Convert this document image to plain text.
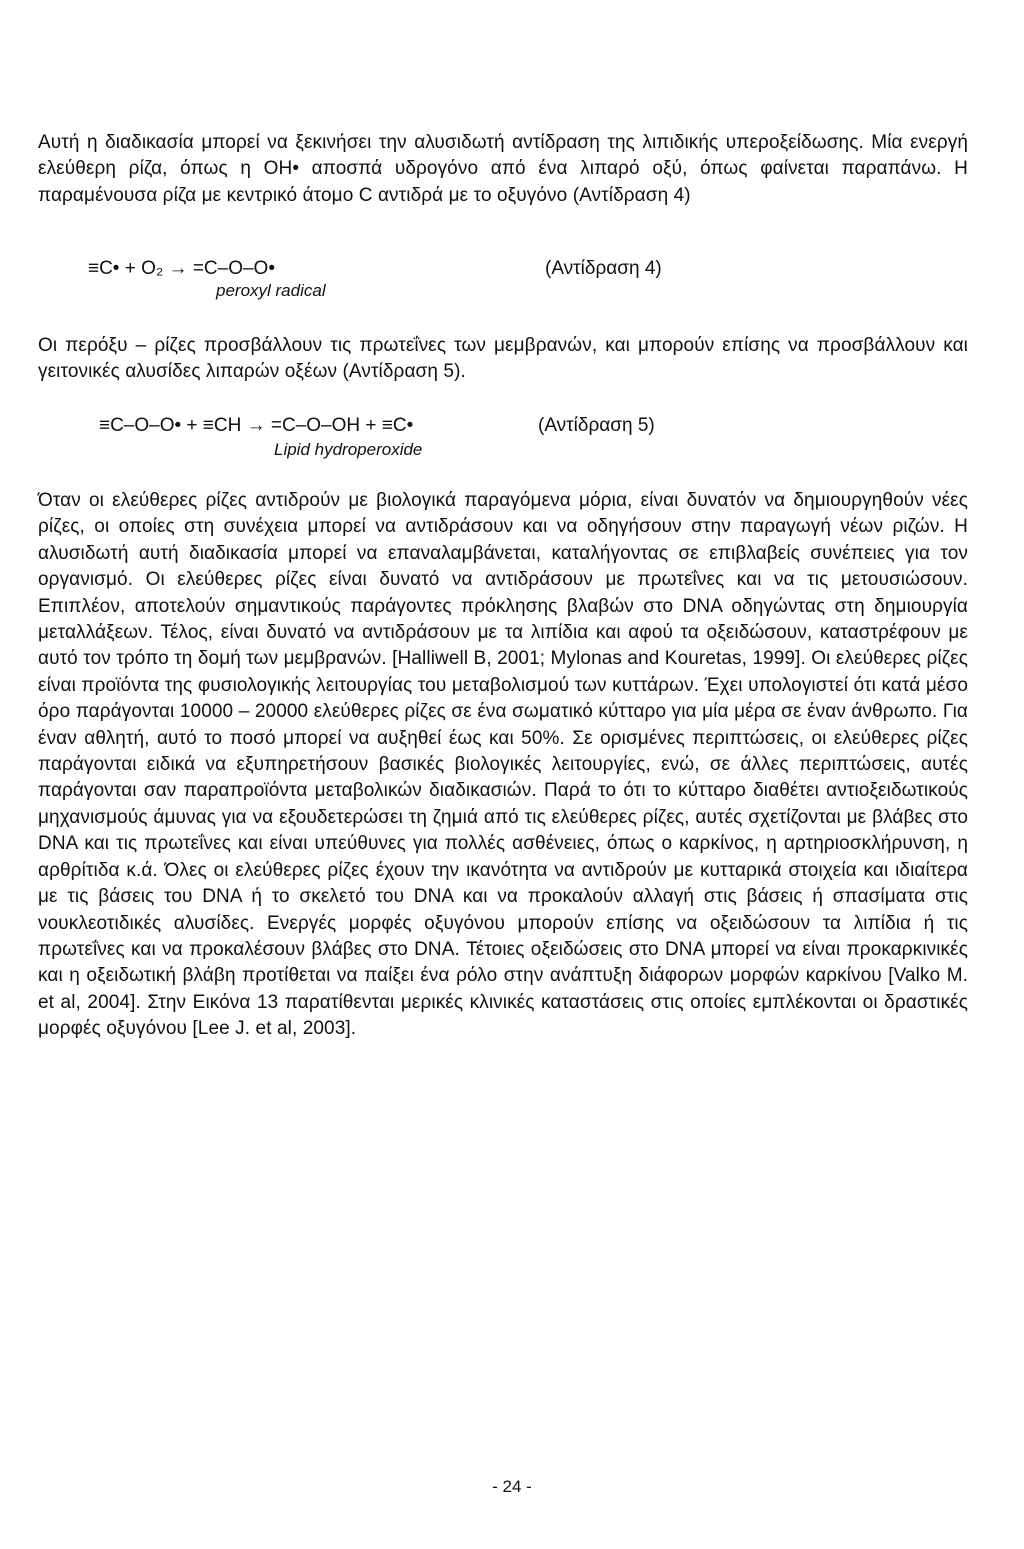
Αυτή η διαδικασία μπορεί να ξεκινήσει την αλυσιδωτή αντίδραση της λιπιδικής υπεροξείδωσης. Μία ενεργή ελεύθερη ρίζα, όπως η OH• αποσπά υδρογόνο από ένα λιπαρό οξύ, όπως φαίνεται παραπάνω. Η παραμένουσα ρίζα με κεντρικό άτομο C αντιδρά με το οξυγόνο (Αντίδραση 4)

≡C• + O₂ → =C–O–O•	(Αντίδραση 4)
peroxyl radical

Οι περόξυ – ρίζες προσβάλλουν τις πρωτεΐνες των μεμβρανών, και μπορούν επίσης να προσβάλλουν και γειτονικές αλυσίδες λιπαρών οξέων (Αντίδραση 5).

≡C–O–O• + ≡CH → =C–O–OH + ≡C•	(Αντίδραση 5)
Lipid hydroperoxide

Όταν οι ελεύθερες ρίζες αντιδρούν με βιολογικά παραγόμενα μόρια, είναι δυνατόν να δημιουργηθούν νέες ρίζες, οι οποίες στη συνέχεια μπορεί να αντιδράσουν και να οδηγήσουν στην παραγωγή νέων ριζών. Η αλυσιδωτή αυτή διαδικασία μπορεί να επαναλαμβάνεται, καταλήγοντας σε επιβλαβείς συνέπειες για τον οργανισμό. Οι ελεύθερες ρίζες είναι δυνατό να αντιδράσουν με πρωτεΐνες και να τις μετουσιώσουν. Επιπλέον, αποτελούν σημαντικούς παράγοντες πρόκλησης βλαβών στο DNA οδηγώντας στη δημιουργία μεταλλάξεων. Τέλος, είναι δυνατό να αντιδράσουν με τα λιπίδια και αφού τα οξειδώσουν, καταστρέφουν με αυτό τον τρόπο τη δομή των μεμβρανών. [Halliwell B, 2001; Mylonas and Kouretas, 1999]. Οι ελεύθερες ρίζες είναι προϊόντα της φυσιολογικής λειτουργίας του μεταβολισμού των κυττάρων. Έχει υπολογιστεί ότι κατά μέσο όρο παράγονται 10000 – 20000 ελεύθερες ρίζες σε ένα σωματικό κύτταρο για μία μέρα σε έναν άνθρωπο. Για έναν αθλητή, αυτό το ποσό μπορεί να αυξηθεί έως και 50%. Σε ορισμένες περιπτώσεις, οι ελεύθερες ρίζες παράγονται ειδικά να εξυπηρετήσουν βασικές βιολογικές λειτουργίες, ενώ, σε άλλες περιπτώσεις, αυτές παράγονται σαν παραπροϊόντα μεταβολικών διαδικασιών. Παρά το ότι το κύτταρο διαθέτει αντιοξειδωτικούς μηχανισμούς άμυνας για να εξουδετερώσει τη ζημιά από τις ελεύθερες ρίζες, αυτές σχετίζονται με βλάβες στο DNA και τις πρωτεΐνες και είναι υπεύθυνες για πολλές ασθένειες, όπως ο καρκίνος, η αρτηριοσκλήρυνση, η αρθρίτιδα κ.ά. Όλες οι ελεύθερες ρίζες έχουν την ικανότητα να αντιδρούν με κυτταρικά στοιχεία και ιδιαίτερα με τις βάσεις του DNA ή το σκελετό του DNA και να προκαλούν αλλαγή στις βάσεις ή σπασίματα στις νουκλεοτιδικές αλυσίδες. Ενεργές μορφές οξυγόνου μπορούν επίσης να οξειδώσουν τα λιπίδια ή τις πρωτεΐνες και να προκαλέσουν βλάβες στο DNA. Τέτοιες οξειδώσεις στο DNA μπορεί να είναι προκαρκινικές και η οξειδωτική βλάβη προτίθεται να παίξει ένα ρόλο στην ανάπτυξη διάφορων μορφών καρκίνου [Valko M. et al, 2004]. Στην Εικόνα 13 παρατίθενται μερικές κλινικές καταστάσεις στις οποίες εμπλέκονται οι δραστικές μορφές οξυγόνου [Lee J. et al, 2003].

- 24 -
